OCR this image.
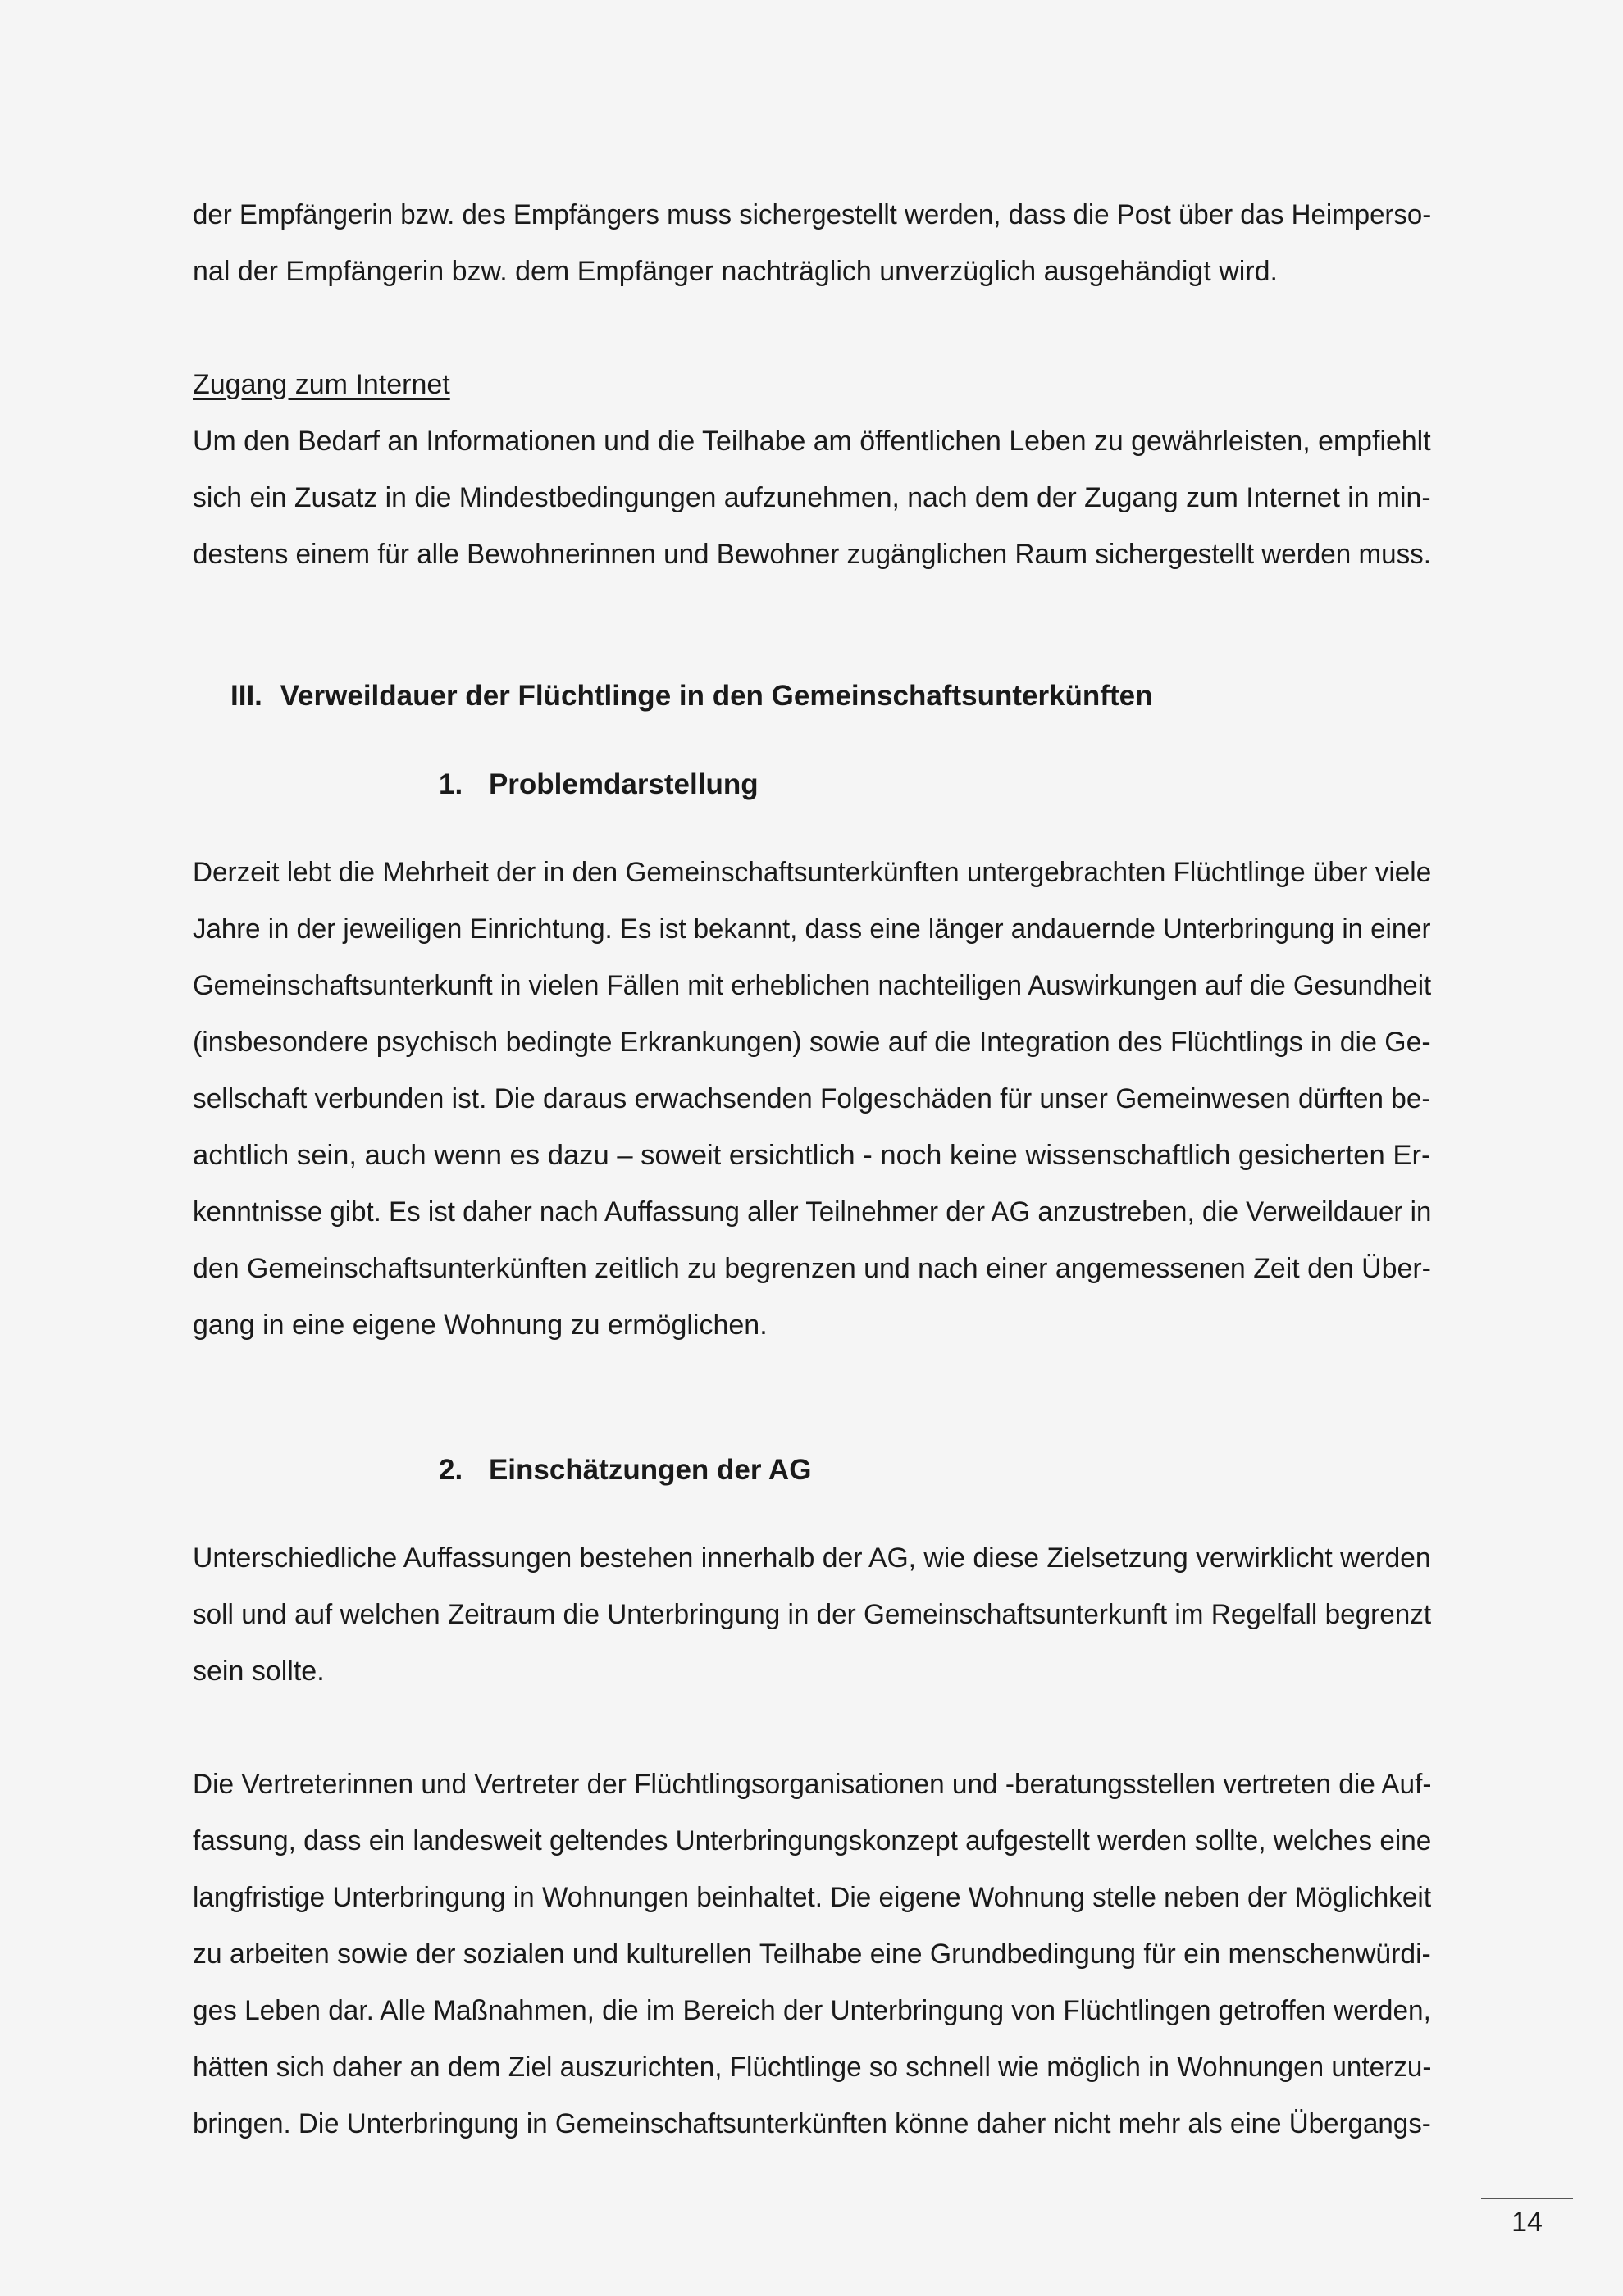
der Empfängerin bzw. des Empfängers muss sichergestellt werden, dass die Post über das Heimperso-
nal der Empfängerin bzw. dem Empfänger nachträglich unverzüglich ausgehändigt wird.
Zugang zum Internet
Um den Bedarf an Informationen und die Teilhabe am öffentlichen Leben zu gewährleisten, empfiehlt
sich ein Zusatz in die Mindestbedingungen aufzunehmen, nach dem der Zugang zum Internet in min-
destens einem für alle Bewohnerinnen und Bewohner zugänglichen Raum sichergestellt werden muss.
III. Verweildauer der Flüchtlinge in den Gemeinschaftsunterkünften
1. Problemdarstellung
Derzeit lebt die Mehrheit der in den Gemeinschaftsunterkünften untergebrachten Flüchtlinge über viele
Jahre in der jeweiligen Einrichtung. Es ist bekannt, dass eine länger andauernde Unterbringung in einer
Gemeinschaftsunterkunft in vielen Fällen mit erheblichen nachteiligen Auswirkungen auf die Gesundheit
(insbesondere psychisch bedingte Erkrankungen) sowie auf die Integration des Flüchtlings in die Ge-
sellschaft verbunden ist. Die daraus erwachsenden Folgeschäden für unser Gemeinwesen dürften be-
achtlich sein, auch wenn es dazu – soweit ersichtlich - noch keine wissenschaftlich gesicherten Er-
kenntnisse gibt. Es ist daher nach Auffassung aller Teilnehmer der AG anzustreben, die Verweildauer in
den Gemeinschaftsunterkünften zeitlich zu begrenzen und nach einer angemessenen Zeit den Über-
gang in eine eigene Wohnung zu ermöglichen.
2. Einschätzungen der AG
Unterschiedliche Auffassungen bestehen innerhalb der AG, wie diese Zielsetzung verwirklicht werden
soll und auf welchen Zeitraum die Unterbringung in der Gemeinschaftsunterkunft im Regelfall begrenzt
sein sollte.
Die Vertreterinnen und Vertreter der Flüchtlingsorganisationen und -beratungsstellen vertreten die Auf-
fassung, dass ein landesweit geltendes Unterbringungskonzept aufgestellt werden sollte, welches eine
langfristige Unterbringung in Wohnungen beinhaltet. Die eigene Wohnung stelle neben der Möglichkeit
zu arbeiten sowie der sozialen und kulturellen Teilhabe eine Grundbedingung für ein menschenwürdi-
ges Leben dar. Alle Maßnahmen, die im Bereich der Unterbringung von Flüchtlingen getroffen werden,
hätten sich daher an dem Ziel auszurichten, Flüchtlinge so schnell wie möglich in Wohnungen unterzu-
bringen. Die Unterbringung in Gemeinschaftsunterkünften könne daher nicht mehr als eine Übergangs-
14
